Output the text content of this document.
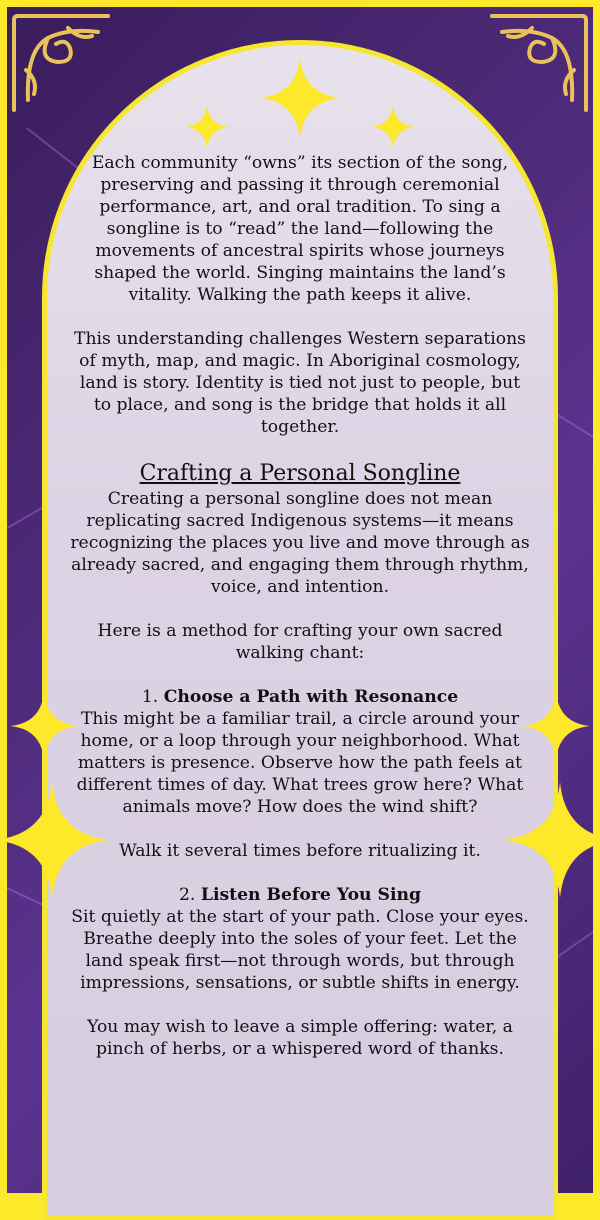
Each community “owns” its section of the song, preserving and passing it through ceremonial performance, art, and oral tradition. To sing a songline is to “read” the land—following the movements of ancestral spirits whose journeys shaped the world. Singing maintains the land’s vitality. Walking the path keeps it alive.

This understanding challenges Western separations of myth, map, and magic. In Aboriginal cosmology, land is story. Identity is tied not just to people, but to place, and song is the bridge that holds it all together.

Crafting a Personal Songline

Creating a personal songline does not mean replicating sacred Indigenous systems—it means recognizing the places you live and move through as already sacred, and engaging them through rhythm, voice, and intention.

Here is a method for crafting your own sacred walking chant:

1. Choose a Path with Resonance

This might be a familiar trail, a circle around your home, or a loop through your neighborhood. What matters is presence. Observe how the path feels at different times of day. What trees grow here? What animals move? How does the wind shift?

Walk it several times before ritualizing it.

2. Listen Before You Sing

Sit quietly at the start of your path. Close your eyes. Breathe deeply into the soles of your feet. Let the land speak first—not through words, but through impressions, sensations, or subtle shifts in energy.

You may wish to leave a simple offering: water, a pinch of herbs, or a whispered word of thanks.
